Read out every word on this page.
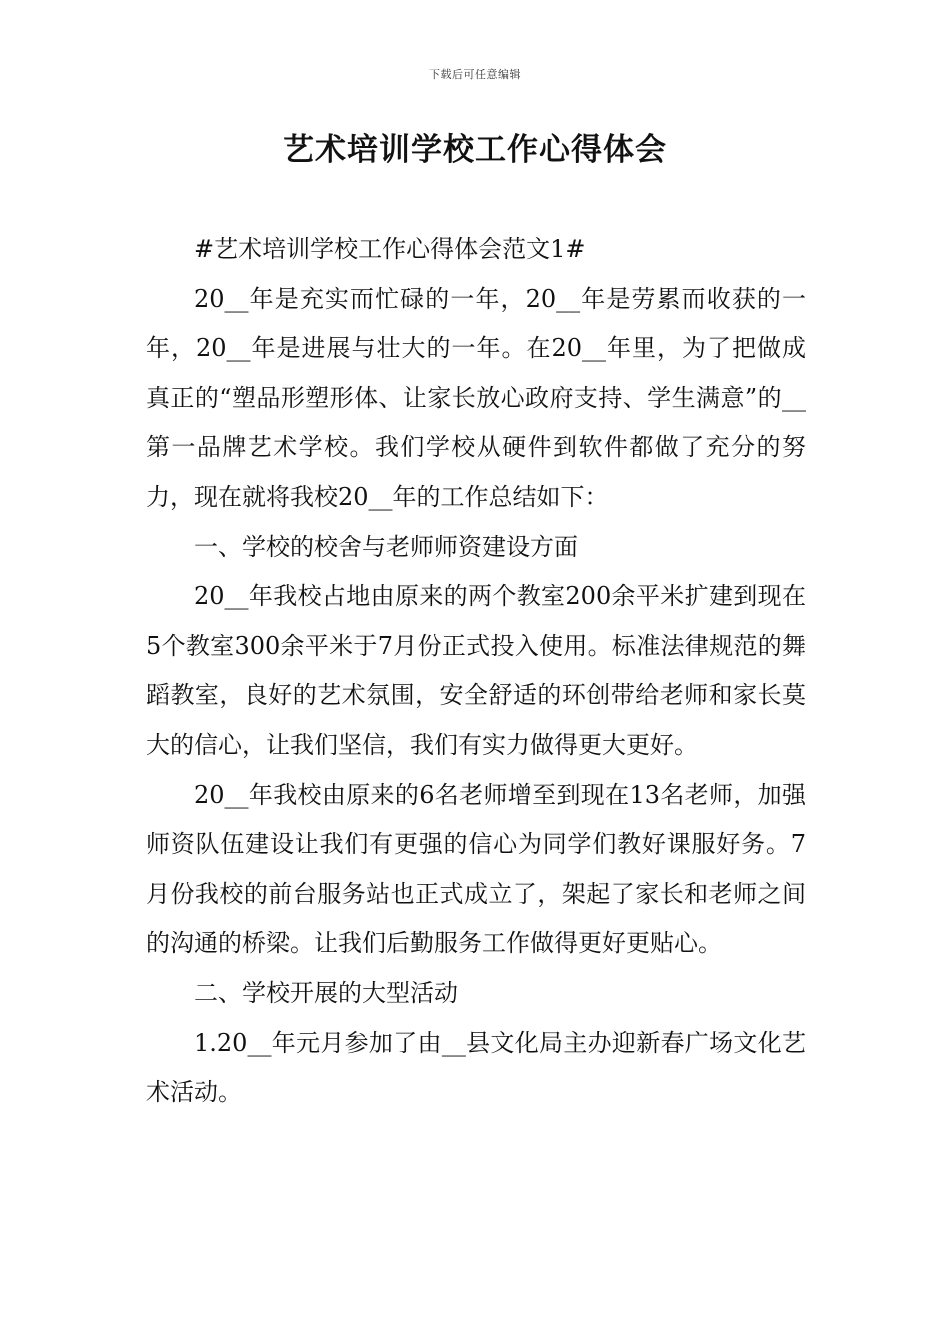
下载后可任意编辑
艺术培训学校工作心得体会

#艺术培训学校工作心得体会范文1#

20__年是充实而忙碌的一年，20__年是劳累而收获的一年，20__年是进展与壮大的一年。在20__年里，为了把做成真正的“塑品形塑形体、让家长放心政府支持、学生满意”的__第一品牌艺术学校。我们学校从硬件到软件都做了充分的努力，现在就将我校20__年的工作总结如下：

一、学校的校舍与老师师资建设方面

20__年我校占地由原来的两个教室200余平米扩建到现在5个教室300余平米于7月份正式投入使用。标准法律规范的舞蹈教室，良好的艺术氛围，安全舒适的环创带给老师和家长莫大的信心，让我们坚信，我们有实力做得更大更好。

20__年我校由原来的6名老师增至到现在13名老师，加强师资队伍建设让我们有更强的信心为同学们教好课服好务。7月份我校的前台服务站也正式成立了，架起了家长和老师之间的沟通的桥梁。让我们后勤服务工作做得更好更贴心。

二、学校开展的大型活动

1.20__年元月参加了由__县文化局主办迎新春广场文化艺术活动。
